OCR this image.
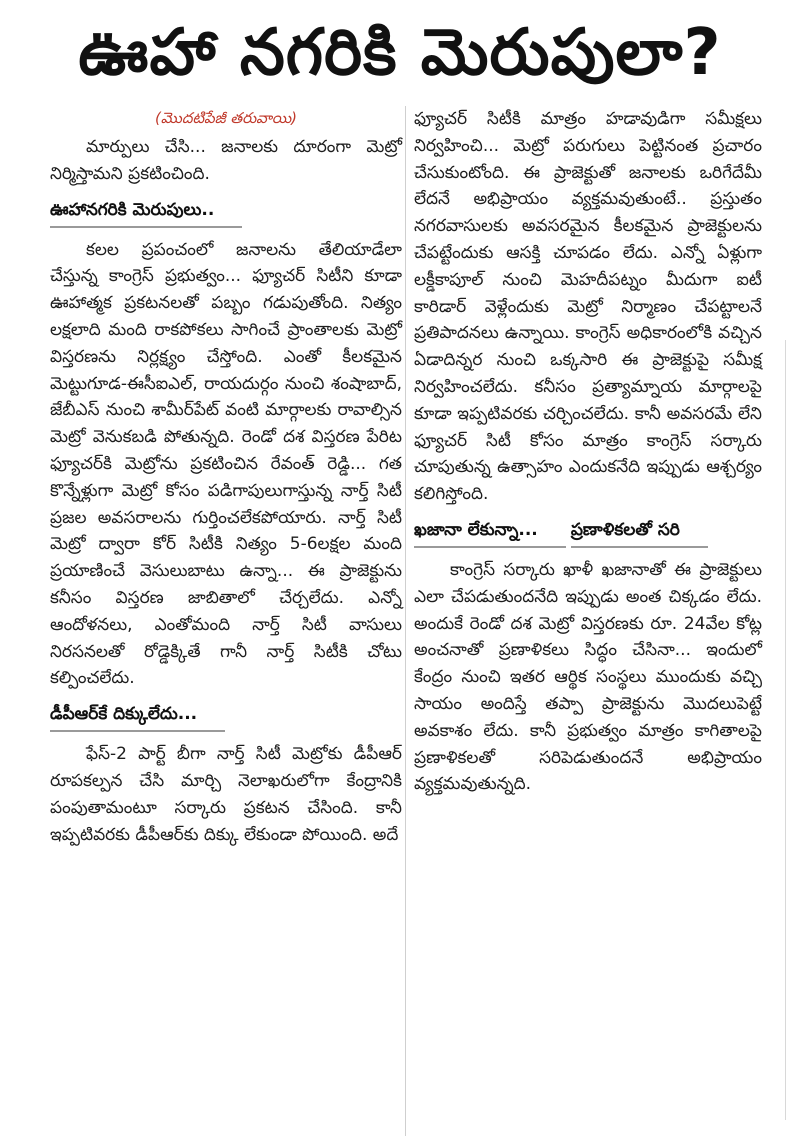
ఊహా నగరికి మెరుపులా?
(మొదటిపేజీ తరువాయి)

మార్పులు చేసి... జనాలకు దూరంగా మెట్రో నిర్మిస్తామని ప్రకటించింది.

ఊహానగరికి మెరుపులు..

కలల ప్రపంచంలో జనాలను తేలియాడేలా చేస్తున్న కాంగ్రెస్ ప్రభుత్వం... ఫ్యూచర్ సిటీని కూడా ఊహాత్మక ప్రకటనలతో పబ్బం గడుపుతోంది. నిత్యం లక్షలాది మంది రాకపోకలు సాగించే ప్రాంతాలకు మెట్రో విస్తరణను నిర్లక్ష్యం చేస్తోంది. ఎంతో కీలకమైన మెట్టుగూడ-ఈసీఐఎల్, రాయదుర్గం నుంచి శంషాబాద్, జేబీఎస్ నుంచి శామీర్‌పేట్ వంటి మార్గాలకు రావాల్సిన మెట్రో వెనుకబడి పోతున్నది. రెండో దశ విస్తరణ పేరిట ఫ్యూచర్‌కి మెట్రోను ప్రకటించిన రేవంత్ రెడ్డి... గత కొన్నేళ్లుగా మెట్రో కోసం పడిగాపులుగాస్తున్న నార్త్ సిటీ ప్రజల అవసరాలను గుర్తించలేకపోయారు. నార్త్ సిటీ మెట్రో ద్వారా కోర్ సిటీకి నిత్యం 5-6లక్షల మంది ప్రయాణించే వెసులుబాటు ఉన్నా... ఈ ప్రాజెక్టును కనీసం విస్తరణ జాబితాలో చేర్చలేదు. ఎన్నో ఆందోళనలు, ఎంతోమంది నార్త్ సిటీ వాసులు నిరసనలతో రోడ్డెక్కితే గానీ నార్త్ సిటీకి చోటు కల్పించలేదు.

డీపీఆర్‌కే దిక్కులేదు...

ఫేస్-2 పార్ట్ బీగా నార్త్ సిటీ మెట్రోకు డీపీఆర్ రూపకల్పన చేసి మార్చి నెలాఖరులోగా కేంద్రానికి పంపుతామంటూ సర్కారు ప్రకటన చేసింది. కానీ ఇప్పటివరకు డీపీఆర్‌కు దిక్కు లేకుండా పోయింది. అదే

ఫ్యూచర్ సిటీకి మాత్రం హడావుడిగా సమీక్షలు నిర్వహించి... మెట్రో పరుగులు పెట్టినంత ప్రచారం చేసుకుంటోంది. ఈ ప్రాజెక్టుతో జనాలకు ఒరిగేదేమీ లేదనే అభిప్రాయం వ్యక్తమవుతుంటే.. ప్రస్తుతం నగరవాసులకు అవసరమైన కీలకమైన ప్రాజెక్టులను చేపట్టేందుకు ఆసక్తి చూపడం లేదు. ఎన్నో ఏళ్లుగా లక్డీకాపూల్ నుంచి మెహదీపట్నం మీదుగా ఐటీ కారిడార్ వెళ్లేందుకు మెట్రో నిర్మాణం చేపట్టాలనే ప్రతిపాదనలు ఉన్నాయి. కాంగ్రెస్ అధికారంలోకి వచ్చిన ఏడాదిన్నర నుంచి ఒక్కసారి ఈ ప్రాజెక్టుపై సమీక్ష నిర్వహించలేదు. కనీసం ప్రత్యామ్నాయ మార్గాలపై కూడా ఇప్పటివరకు చర్చించలేదు. కానీ అవసరమే లేని ఫ్యూచర్ సిటీ కోసం మాత్రం కాంగ్రెస్ సర్కారు చూపుతున్న ఉత్సాహం ఎందుకనేది ఇప్పుడు ఆశ్చర్యం కలిగిస్తోంది.

ఖజానా లేకున్నా... ప్రణాళికలతో సరి

కాంగ్రెస్ సర్కారు ఖాళీ ఖజానాతో ఈ ప్రాజెక్టులు ఎలా చేపడుతుందనేది ఇప్పుడు అంత చిక్కడం లేదు. అందుకే రెండో దశ మెట్రో విస్తరణకు రూ. 24వేల కోట్ల అంచనాతో ప్రణాళికలు సిద్ధం చేసినా... ఇందులో కేంద్రం నుంచి ఇతర ఆర్థిక సంస్థలు ముందుకు వచ్చి సాయం అందిస్తే తప్పా ప్రాజెక్టును మొదలుపెట్టే అవకాశం లేదు. కానీ ప్రభుత్వం మాత్రం కాగితాలపై ప్రణాళికలతో సరిపెడుతుందనే అభిప్రాయం వ్యక్తమవుతున్నది.
